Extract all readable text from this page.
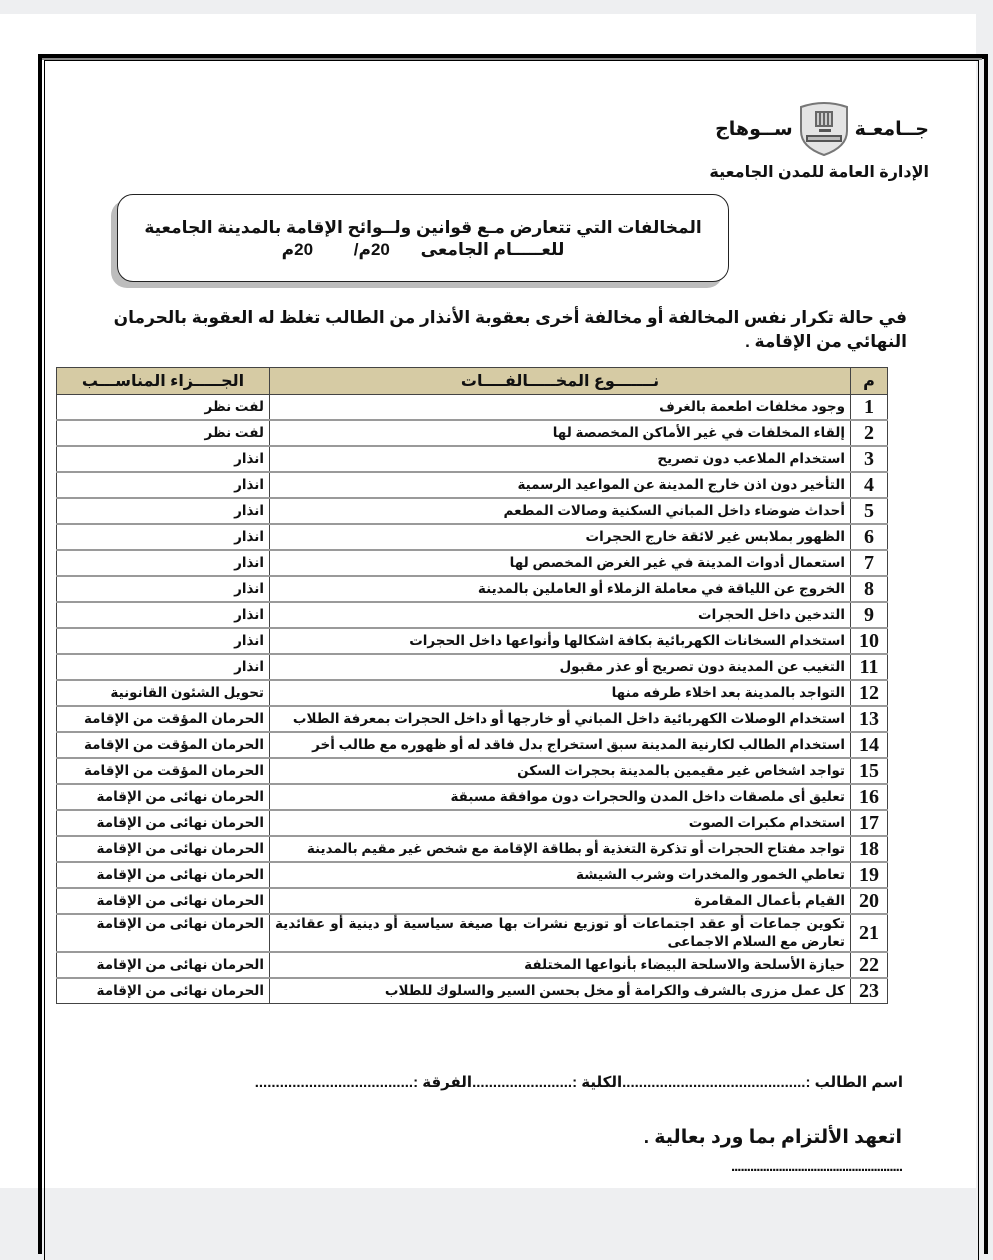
جــامعـة
ســوهاج
الإدارة العامة للمدن الجامعية
المخالفات التي تتعارض مـع قوانين ولــوائح الإقامة بالمدينة الجامعية
للعـــــام الجامعى 20م/ 20م
في حالة تكرار نفس المخالفة أو مخالفة أخرى بعقوبة الأنذار من الطالب تغلظ له العقوبة بالحرمان النهائي من الإقامة .
م	نـــــــوع المخـــــالفــــات	الجـــــزاء المناســـب
1	وجود مخلفات اطعمة بالغرف	لفت نظر
2	إلقاء المخلفات في غير الأماكن المخصصة لها	لفت نظر
3	استخدام الملاعب دون تصريح	انذار
4	التأخير دون اذن خارج المدينة عن المواعيد الرسمية	انذار
5	أحداث ضوضاء داخل المباني السكنية وصالات المطعم	انذار
6	الظهور بملابس غير لائقة خارج الحجرات	انذار
7	استعمال أدوات المدينة في غير الغرض المخصص لها	انذار
8	الخروج عن اللياقة في معاملة الزملاء أو العاملين بالمدينة	انذار
9	التدخين داخل الحجرات	انذار
10	استخدام السخانات الكهربائية بكافة اشكالها وأنواعها داخل الحجرات	انذار
11	التغيب عن المدينة دون تصريح أو عذر مقبول	انذار
12	التواجد بالمدينة بعد اخلاء طرفه منها	تحويل الشئون القانونية
13	استخدام الوصلات الكهربائية داخل المباني أو خارجها أو داخل الحجرات بمعرفة الطلاب	الحرمان المؤقت من الإقامة
14	استخدام الطالب لكارنية المدينة سبق استخراج بدل فاقد له أو ظهوره مع طالب أخر	الحرمان المؤقت من الإقامة
15	تواجد اشخاص غير مقيمين بالمدينة بحجرات السكن	الحرمان المؤقت من الإقامة
16	تعليق أى ملصقات داخل المدن والحجرات دون موافقة مسبقة	الحرمان نهائى من الإقامة
17	استخدام مكبرات الصوت	الحرمان نهائى من الإقامة
18	تواجد مفتاح الحجرات أو تذكرة التغذية أو بطاقة الإقامة مع شخص غير مقيم بالمدينة	الحرمان نهائى من الإقامة
19	تعاطي الخمور والمخدرات وشرب الشيشة	الحرمان نهائى من الإقامة
20	القيام بأعمال المقامرة	الحرمان نهائى من الإقامة
21	تكوين جماعات أو عقد اجتماعات أو توزيع نشرات بها صيغة سياسية أو دينية أو عقائدية تعارض مع السلام الاجماعى	الحرمان نهائى من الإقامة
22	حيازة الأسلحة والاسلحة البيضاء بأنواعها المختلفة	الحرمان نهائى من الإقامة
23	كل عمل مزرى بالشرف والكرامة أو مخل بحسن السير والسلوك للطلاب	الحرمان نهائى من الإقامة
اسم الطالب :............................................الكلية :........................الفرقة :......................................
اتعهد الألتزام بما ورد بعالية .
......................................................
